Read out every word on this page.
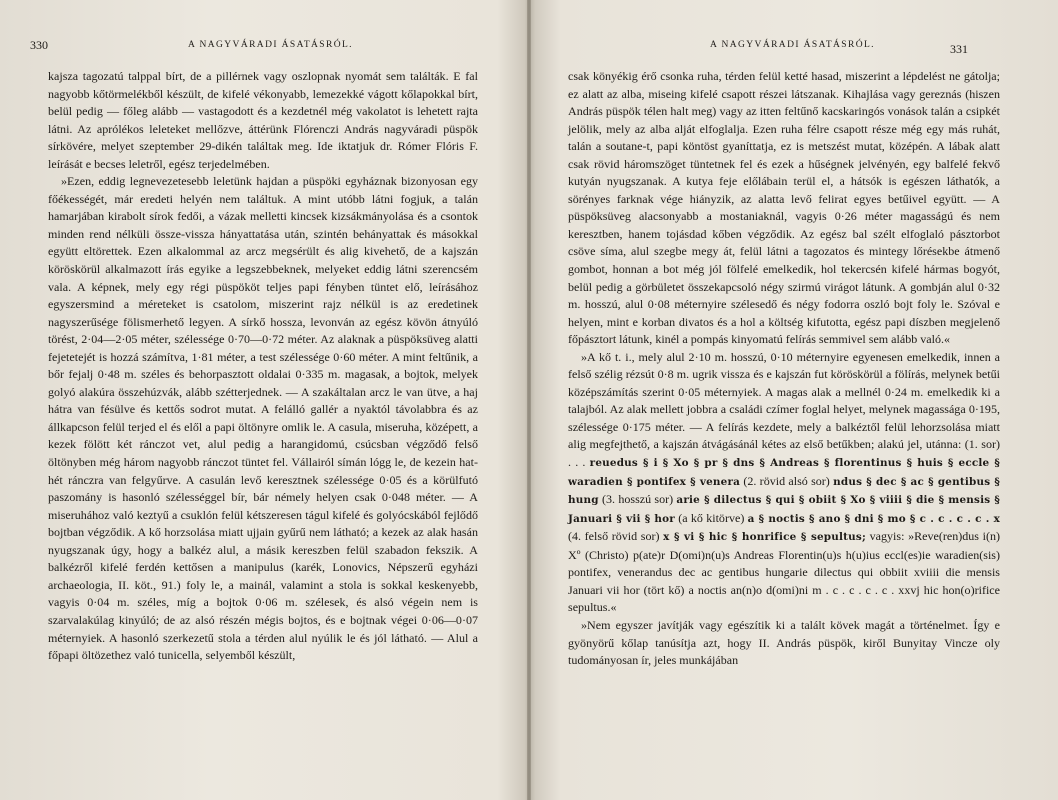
330	A NAGYVÁRADI ÁSATÁSRÓL.

kajsza tagozatú talppal bírt, de a pillérnek vagy oszlopnak nyomát sem találták. E fal nagyobb kőtörmelékből készült, de kifelé vékonyabb, lemezekké vágott kőlapokkal bírt, belül pedig — főleg alább — vastagodott és a kezdetnél még vakolatot is lehetett rajta látni. Az aprólékos leleteket mellőzve, áttérünk Flórenczi András nagyváradi püspök sírkövére, melyet szeptember 29-dikén találtak meg. Ide iktatjuk dr. Rómer Flóris F. leírását e becses leletről, egész terjedelmében.

»Ezen, eddig legnevezetesebb leletünk hajdan a püspöki egyháznak bizonyosan egy főékességét, már eredeti helyén nem találtuk. A mint utóbb látni fogjuk, a talán hamarjában kirabolt sírok fedői, a vázak melletti kincsek kizsákmányolása és a csontok minden rend nélküli össze-vissza hányattatása után, szintén behányattak és másokkal együtt eltörettek. Ezen alkalommal az arcz megsérült és alig kivehető, de a kajszán köröskörül alkalmazott írás egyike a legszebbeknek, melyeket eddig látni szerencsém vala. A képnek, mely egy régi püspököt teljes papi fényben tüntet elő, leírásához egyszersmind a méreteket is csatolom, miszerint rajz nélkül is az eredetinek nagyszerűsége fölismerhető legyen. A sírkő hossza, levonván az egész kövön átnyúló törést, 2·04—2·05 méter, szélessége 0·70—0·72 méter. Az alaknak a püspöksüveg alatti fejetetejét is hozzá számítva, 1·81 méter, a test szélessége 0·60 méter. A mint feltűnik, a bőr fejalj 0·48 m. széles és behorpasztott oldalai 0·335 m. magasak, a bojtok, melyek golyó alakúra összehúzvák, alább szétterjednek. — A szakáltalan arcz le van ütve, a haj hátra van fésülve és kettős sodrot mutat. A felálló gallér a nyaktól távolabbra és az állkapcson felül terjed el és elől a papi öltönyre omlik le. A casula, miseruha, középett, a kezek fölött két ránczot vet, alul pedig a harangidomú, csúcsban végződő felső öltönyben még három nagyobb ránczot tüntet fel. Vállairól símán lógg le, de kezein hat-hét ránczra van felgyűrve. A casulán levő keresztnek szélessége 0·05 és a körülfutó paszomány is hasonló szélességgel bír, bár némely helyen csak 0·048 méter. — A miseruhához való keztyű a csuklón felül kétszeresen tágul kifelé és golyócskából fejlődő bojtban végződik. A kő horzsolása miatt ujjain gyűrű nem látható; a kezek az alak hasán nyugszanak úgy, hogy a balkéz alul, a másik kereszben felül szabadon fekszik. A balkézről kifelé ferdén kettősen a manipulus (karék, Lonovics, Népszerű egyházi archaeologia, II. köt., 91.) foly le, a mainál, valamint a stola is sokkal keskenyebb, vagyis 0·04 m. széles, míg a bojtok 0·06 m. szélesek, és alsó végein nem is szarvalakúlag kinyúló; de az alsó részén mégis bojtos, és e bojtnak végei 0·06—0·07 méternyiek. A hasonló szerkezetű stola a térden alul nyúlik le és jól látható. — Alul a főpapi öltözethez való tunicella, selyemből készült,

A NAGYVÁRADI ÁSATÁSRÓL.	331

csak könyékig érő csonka ruha, térden felül ketté hasad, miszerint a lépdelést ne gátolja; ez alatt az alba, miseing kifelé csapott részei látszanak. Kihajlása vagy gereznás (hiszen András püspök télen halt meg) vagy az itten feltűnő kacskaringós vonások talán a csipkét jelölik, mely az alba alját elfoglalja. Ezen ruha félre csapott része még egy más ruhát, talán a soutane-t, papi köntöst gyaníttatja, ez is metszést mutat, középén. A lábak alatt csak rövid háromszöget tüntetnek fel és ezek a hűségnek jelvényén, egy balfelé fekvő kutyán nyugszanak. A kutya feje előlábain terül el, a hátsók is egészen láthatók, a sörényes farknak vége hiányzik, az alatta levő felirat egyes betűivel együtt. — A püspöksüveg alacsonyabb a mostaniaknál, vagyis 0·26 méter magasságú és nem keresztben, hanem tojásdad kőben végződik. Az egész bal szélt elfoglaló pásztorbot csöve síma, alul szegbe megy át, felül látni a tagozatos és mintegy lőrésekbe átmenő gombot, honnan a bot még jól fölfelé emelkedik, hol tekercsén kifelé hármas bogyót, belül pedig a görbületet összekapcsoló négy szirmú virágot látunk. A gombján alul 0·32 m. hosszú, alul 0·08 méternyire szélesedő és négy fodorra oszló bojt foly le. Szóval e helyen, mint e korban divatos és a hol a költség kifutotta, egész papi díszben megjelenő főpásztort látunk, kinél a pompás kinyomatú felírás semmivel sem alább való.«

»A kő t. i., mely alul 2·10 m. hosszú, 0·10 méternyire egyenesen emelkedik, innen a felső szélig rézsút 0·8 m. ugrik vissza és e kajszán fut köröskörül a fölírás, melynek betűi középszámítás szerint 0·05 méternyiek. A magas alak a mellnél 0·24 m. emelkedik ki a talajból. Az alak mellett jobbra a családi czímer foglal helyet, melynek magassága 0·195, szélessége 0·175 méter. — A felírás kezdete, mely a balkéztől felül lehorzsolása miatt alig megfejthető, a kajszán átvágásánál kétes az első betűkben; alakú jel, utánna: (1. sor) . . . reuedus § i § Xo § pr § dns § Andreas § florentinus § huis § eccle § waradien § pontifex § venera (2. rövid alsó sor) ndus § dec § ac § gentibus § hung (3. hosszú sor) arie § dilectus § qui § obiit § Xo § viiii § die § mensis § Januari § vii § hor (a kő kitörve) a § noctis § ano § dni § mo § c . c . c . c . x (4. felső rövid sor) x § vi § hic § honrifice § sepultus; vagyis: »Reve(ren)dus i(n) Xº (Christo) p(ate)r D(omi)n(u)s Andreas Florentin(u)s h(u)ius eccl(es)ie waradien(sis) pontifex, venerandus dec ac gentibus hungarie dilectus qui obbiit xviiii die mensis Januari vii hor (tört kő) a noctis an(n)o d(omi)ni m . c . c . c . c . xxvj hic hon(o)rifice sepultus.«

»Nem egyszer javítják vagy egészítik ki a talált kövek magát a történelmet. Így e gyönyörű kőlap tanúsítja azt, hogy II. András püspök, kiről Bunyitay Vincze oly tudományosan ír, jeles munkájában
